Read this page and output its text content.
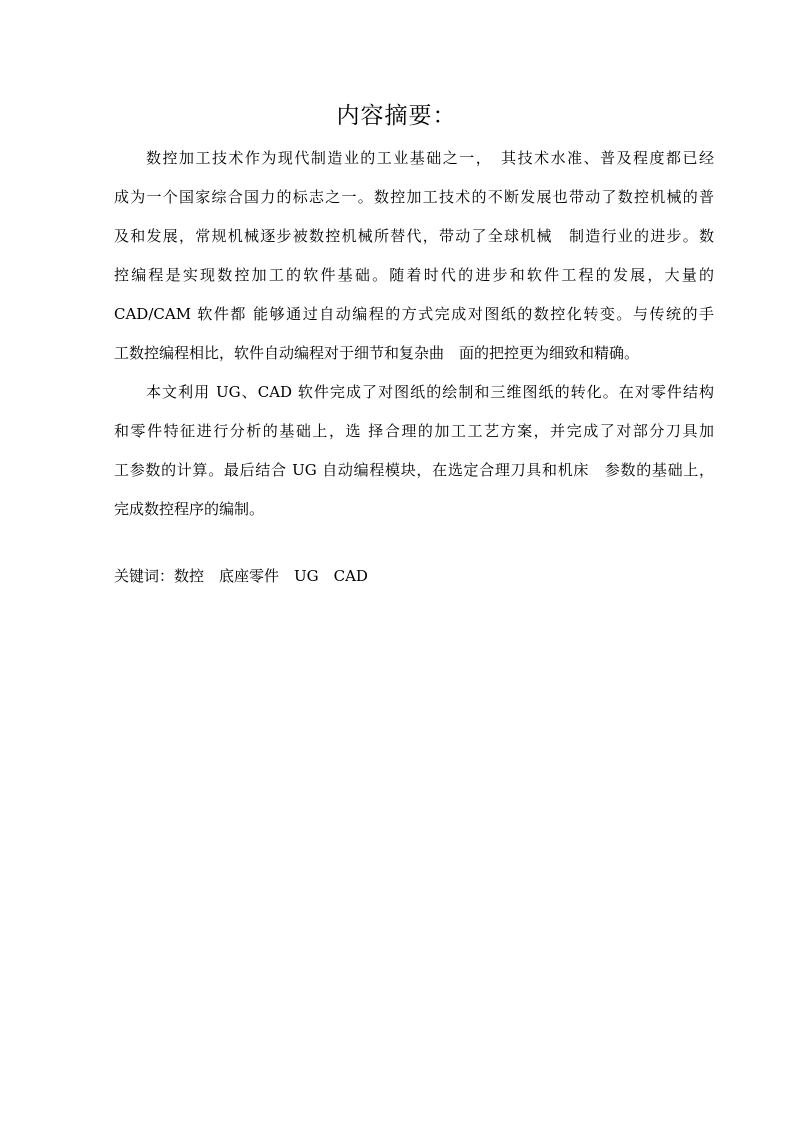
内容摘要：
数控加工技术作为现代制造业的工业基础之一，　其技术水准、普及程度都已经
成为一个国家综合国力的标志之一。数控加工技术的不断发展也带动了数控机械的普
及和发展，常规机械逐步被数控机械所替代，带动了全球机械　制造行业的进步。数
控编程是实现数控加工的软件基础。随着时代的进步和软件工程的发展，大量的
CAD/CAM 软件都 能够通过自动编程的方式完成对图纸的数控化转变。与传统的手
工数控编程相比，软件自动编程对于细节和复杂曲　面的把控更为细致和精确。
本文利用 UG、CAD 软件完成了对图纸的绘制和三维图纸的转化。在对零件结构
和零件特征进行分析的基础上，选 择合理的加工工艺方案，并完成了对部分刀具加
工参数的计算。最后结合 UG 自动编程模块，在选定合理刀具和机床　参数的基础上，
完成数控程序的编制。
关键词：数控　底座零件　UG　CAD
